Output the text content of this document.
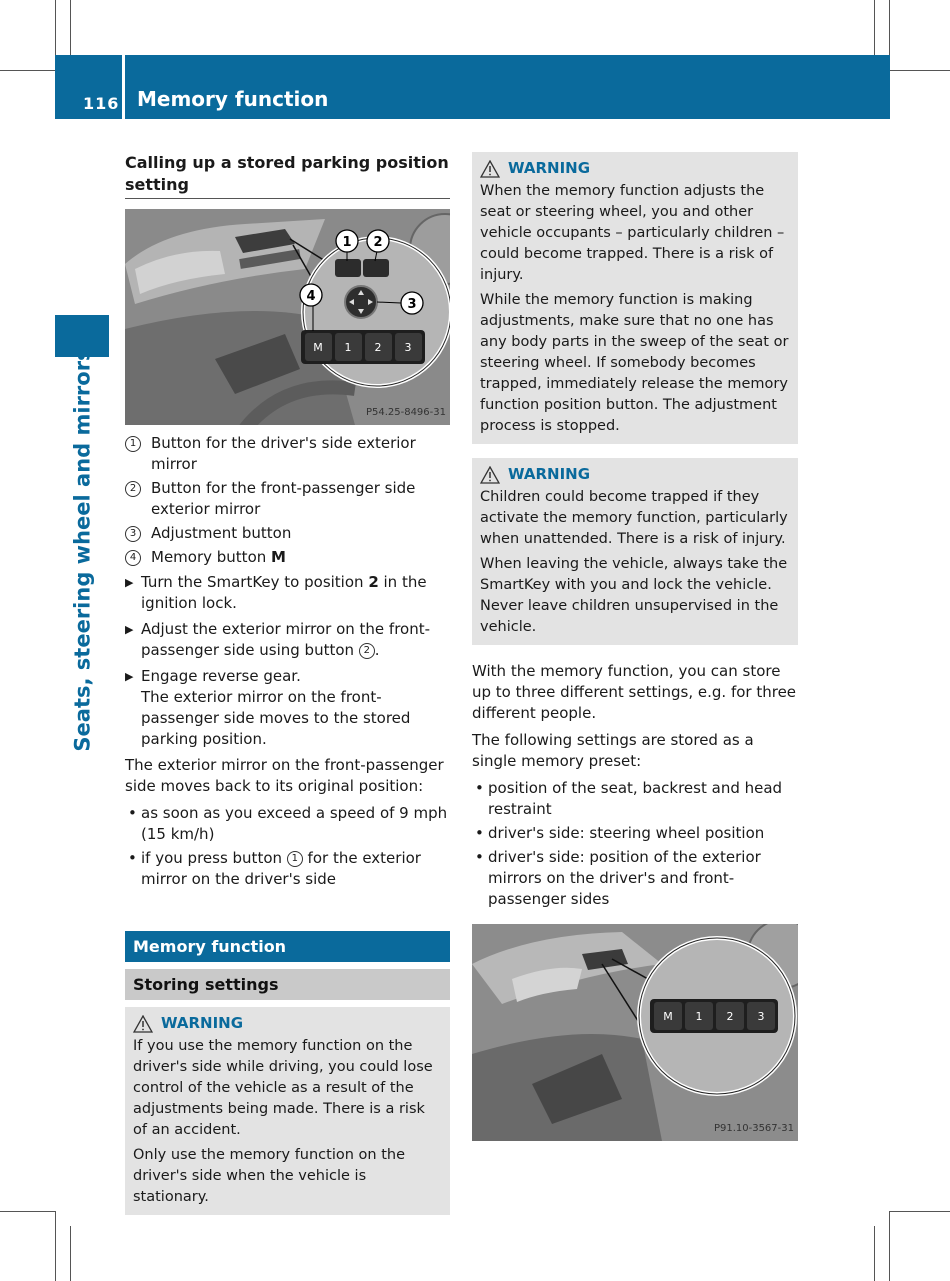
116 Memory function
Seats, steering wheel and mirrors
Calling up a stored parking position setting
M 1 2 3
1 2
3
4
P54.25-8496-31
1 Button for the driver's side exterior mirror
2 Button for the front-passenger side exterior mirror
3 Adjustment button
4 Memory button M
▶ Turn the SmartKey to position 2 in the ignition lock.
▶ Adjust the exterior mirror on the front-passenger side using button 2 .
▶ Engage reverse gear.
The exterior mirror on the front-passenger side moves to the stored parking position.
The exterior mirror on the front-passenger side moves back to its original position:
• as soon as you exceed a speed of 9 mph (15 km/h)
• if you press button 1 for the exterior mirror on the driver's side
Memory function
Storing settings
WARNING

If you use the memory function on the driver's side while driving, you could lose control of the vehicle as a result of the adjustments being made. There is a risk of an accident.

Only use the memory function on the driver's side when the vehicle is stationary.

WARNING

When the memory function adjusts the seat or steering wheel, you and other vehicle occupants – particularly children – could become trapped. There is a risk of injury.

While the memory function is making adjustments, make sure that no one has any body parts in the sweep of the seat or steering wheel. If somebody becomes trapped, immediately release the memory function position button. The adjustment process is stopped.

WARNING

Children could become trapped if they activate the memory function, particularly when unattended. There is a risk of injury.

When leaving the vehicle, always take the SmartKey with you and lock the vehicle. Never leave children unsupervised in the vehicle.

With the memory function, you can store up to three different settings, e.g. for three different people.
The following settings are stored as a single memory preset:
• position of the seat, backrest and head restraint
• driver's side: steering wheel position
• driver's side: position of the exterior mirrors on the driver's and front-passenger sides
M 1 2 3
P91.10-3567-31
